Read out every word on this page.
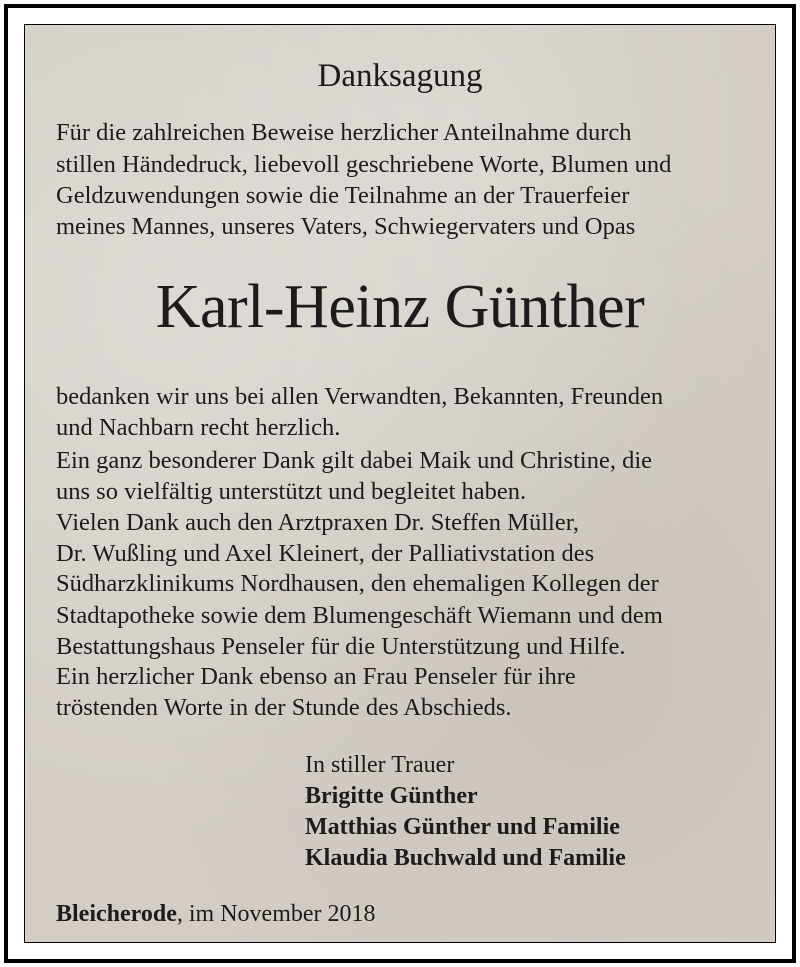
Danksagung

Für die zahlreichen Beweise herzlicher Anteilnahme durch

stillen Händedruck, liebevoll geschriebene Worte, Blumen und

Geldzuwendungen sowie die Teilnahme an der Trauerfeier

meines Mannes, unseres Vaters, Schwiegervaters und Opas

Karl-Heinz Günther

bedanken wir uns bei allen Verwandten, Bekannten, Freunden

und Nachbarn recht herzlich.

Ein ganz besonderer Dank gilt dabei Maik und Christine, die

uns so vielfältig unterstützt und begleitet haben.

Vielen Dank auch den Arztpraxen Dr. Steffen Müller,

Dr. Wußling und Axel Kleinert, der Palliativstation des

Südharzklinikums Nordhausen, den ehemaligen Kollegen der

Stadtapotheke sowie dem Blumengeschäft Wiemann und dem

Bestattungshaus Penseler für die Unterstützung und Hilfe.

Ein herzlicher Dank ebenso an Frau Penseler für ihre

tröstenden Worte in der Stunde des Abschieds.

In stiller Trauer

Brigitte Günther

Matthias Günther und Familie

Klaudia Buchwald und Familie

Bleicherode, im November 2018
